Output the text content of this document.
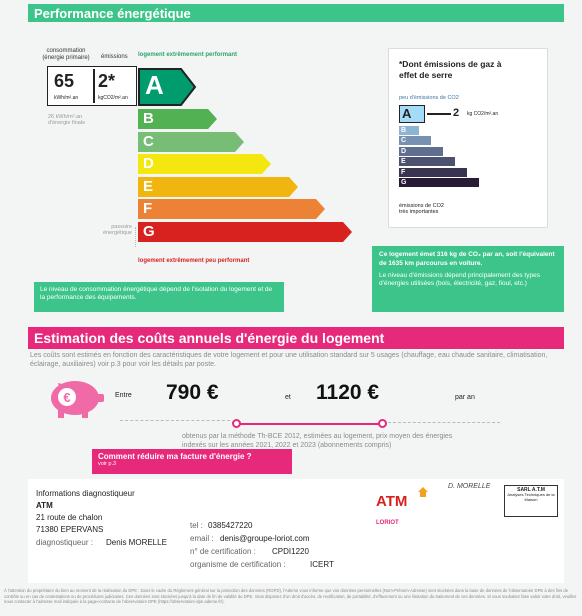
Performance énergétique
consommation
(énergie primaire)	émissions logement extrêmement performant
65
kWh/m².an
2*
kgCO2/m².an A
26 kWh/m².an
d'énergie finale
passoire
énergétique
B
C
D
E
F
G
logement extrêmement peu performant
Le niveau de consommation énergétique dépend de l'isolation du logement et de la performance des équipements.
*Dont émissions de gaz à effet de serre
peu d'émissions de CO2
A
B
C
D
E
F
G
2 kg CO2/m².an
émissions de CO2
très importantes
Ce logement émet 316 kg de CO₂ par an, soit l'équivalent de 1635 km parcourus en voiture.
Le niveau d'émissions dépend principalement des types d'énergies utilisées (bois, électricité, gaz, fioul, etc.)
Estimation des coûts annuels d'énergie du logement
Les coûts sont estimés en fonction des caractéristiques de votre logement et pour une utilisation standard sur 5 usages (chauffage, eau chaude sanitaire, climatisation, éclairage, auxiliaires) voir p.3 pour voir les détails par poste.
€	Entre 790 €	et 1120 €	par an
obtenus par la méthode Th-BCE 2012, estimées au logement, prix moyen des énergies indexés sur les années 2021, 2022 et 2023 (abonnements compris)
Comment réduire ma facture d'énergie ?
voir p.3
Informations diagnostiqueur
ATM
21 route de chalon
71380 EPERVANS
diagnostiqueur : Denis MORELLE
tel : 0385427220
email : denis@groupe-loriot.com
n° de certification : CPDI1220
organisme de certification :	ICERT
ATM LORIOT
D. MORELLE	SARL A.T.M
Analyses Techniques de la Maison
À l'attention du propriétaire du bien au moment de la réalisation du DPE : Dans le cadre du Règlement général sur la protection des données (RGPD), l'Ademe vous informe que vos données personnelles (Nom-Prénom-Adresse) sont stockées dans la base de données de l'observatoire DPE à des fins de contrôle ou en cas de contestations ou de procédures judiciaires. Ces données sont stockées jusqu'à la date de fin de validité du DPE. Vous disposez d'un droit d'accès, de rectification, de portabilité, d'effacement ou une limitation du traitement de ces données. Si vous souhaitez faire valoir votre droit, veuillez nous contacter à l'adresse mail indiquée à la page«contacte de l'observatoire DPE (https://observatoire-dpe.ademe.fr/).
